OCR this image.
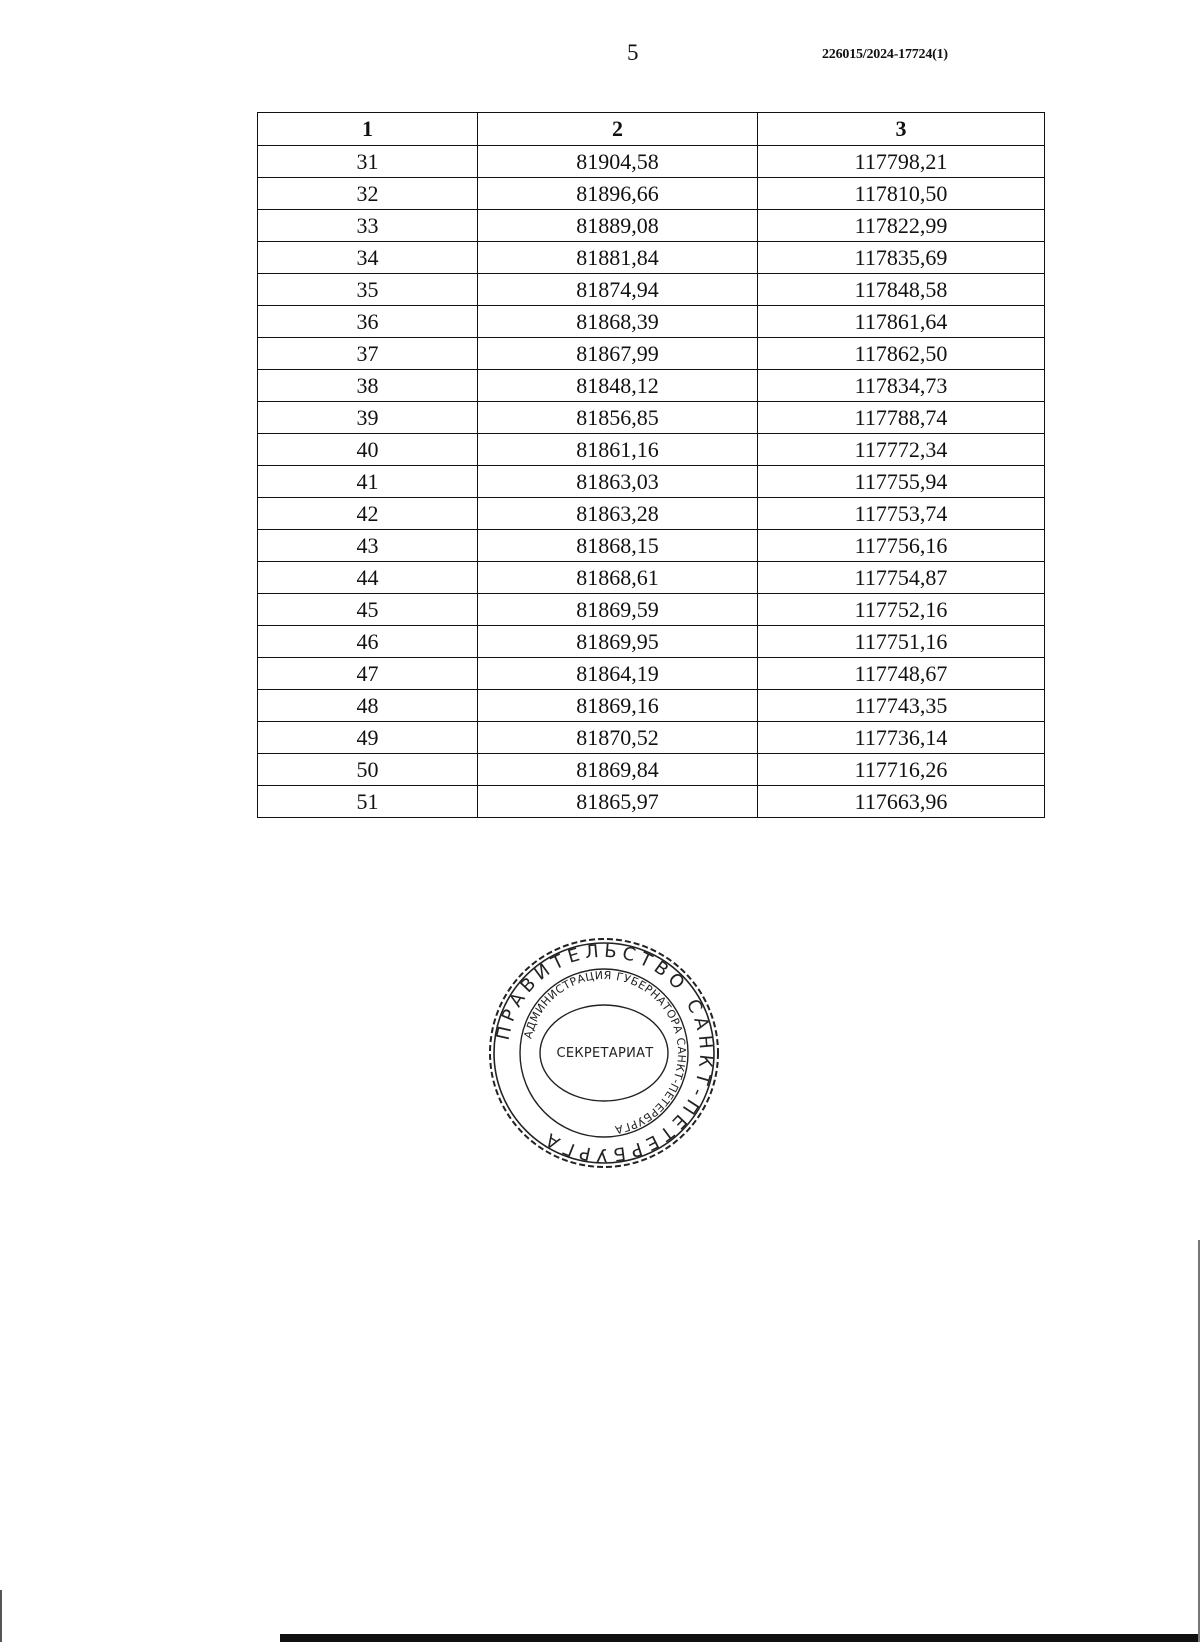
5	226015/2024-17724(1)
1	2	3
31	81904,58	117798,21
32	81896,66	117810,50
33	81889,08	117822,99
34	81881,84	117835,69
35	81874,94	117848,58
36	81868,39	117861,64
37	81867,99	117862,50
38	81848,12	117834,73
39	81856,85	117788,74
40	81861,16	117772,34
41	81863,03	117755,94
42	81863,28	117753,74
43	81868,15	117756,16
44	81868,61	117754,87
45	81869,59	117752,16
46	81869,95	117751,16
47	81864,19	117748,67
48	81869,16	117743,35
49	81870,52	117736,14
50	81869,84	117716,26
51	81865,97	117663,96
ПРАВИТЕЛЬСТВО САНКТ-ПЕТЕРБУРГА
АДМИНИСТРАЦИЯ ГУБЕРНАТОРА САНКТ-ПЕТЕРБУРГА
СЕКРЕТАРИАТ
